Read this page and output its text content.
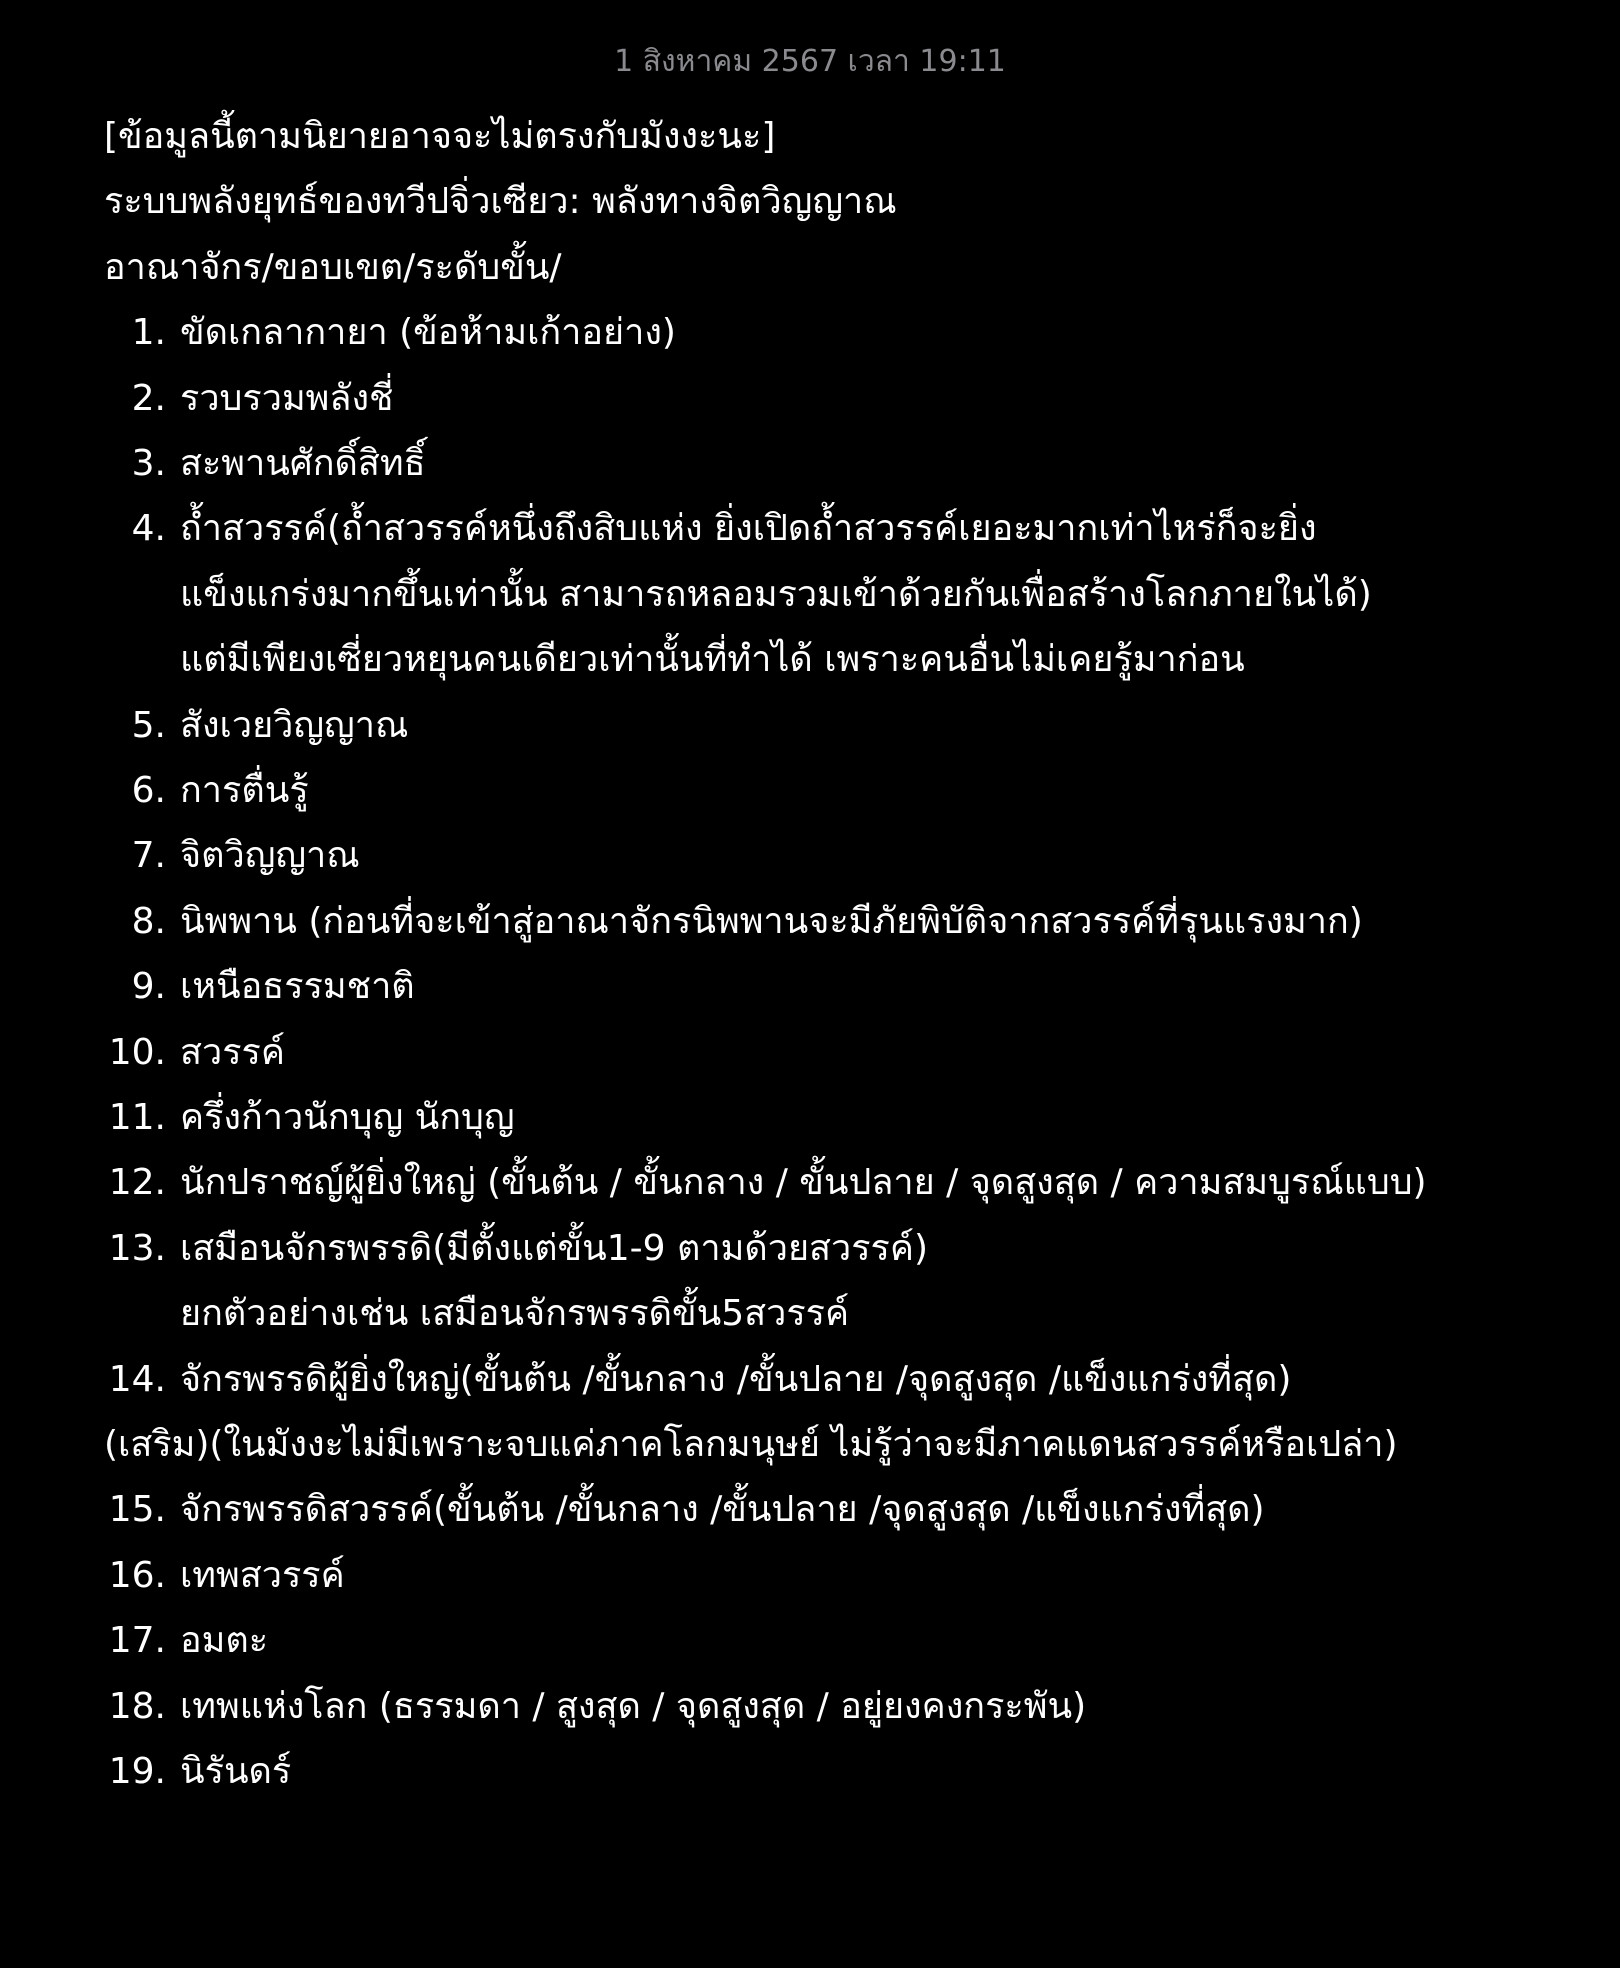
1 สิงหาคม 2567 เวลา 19:11
[ข้อมูลนี้ตามนิยายอาจจะไม่ตรงกับมังงะนะ]
ระบบพลังยุทธ์ของทวีปจิ่วเซียว: พลังทางจิตวิญญาณ
อาณาจักร/ขอบเขต/ระดับขั้น/
1. ขัดเกลากายา (ข้อห้ามเก้าอย่าง)
2. รวบรวมพลังชี่
3. สะพานศักดิ์สิทธิ์
4. ถ้ำสวรรค์(ถ้ำสวรรค์หนึ่งถึงสิบแห่ง ยิ่งเปิดถ้ำสวรรค์เยอะมากเท่าไหร่ก็จะยิ่ง
แข็งแกร่งมากขึ้นเท่านั้น สามารถหลอมรวมเข้าด้วยกันเพื่อสร้างโลกภายในได้)
แต่มีเพียงเซี่ยวหยุนคนเดียวเท่านั้นที่ทำได้ เพราะคนอื่นไม่เคยรู้มาก่อน
5. สังเวยวิญญาณ
6. การตื่นรู้
7. จิตวิญญาณ
8. นิพพาน (ก่อนที่จะเข้าสู่อาณาจักรนิพพานจะมีภัยพิบัติจากสวรรค์ที่รุนแรงมาก)
9. เหนือธรรมชาติ
10. สวรรค์
11. ครึ่งก้าวนักบุญ นักบุญ
12. นักปราชญ์ผู้ยิ่งใหญ่ (ขั้นต้น / ขั้นกลาง / ขั้นปลาย / จุดสูงสุด / ความสมบูรณ์แบบ)
13. เสมือนจักรพรรดิ(มีตั้งแต่ขั้น1-9 ตามด้วยสวรรค์)
ยกตัวอย่างเช่น เสมือนจักรพรรดิขั้น5สวรรค์
14. จักรพรรดิผู้ยิ่งใหญ่(ขั้นต้น /ขั้นกลาง /ขั้นปลาย /จุดสูงสุด /แข็งแกร่งที่สุด)
(เสริม)(ในมังงะไม่มีเพราะจบแค่ภาคโลกมนุษย์ ไม่รู้ว่าจะมีภาคแดนสวรรค์หรือเปล่า)
15. จักรพรรดิสวรรค์(ขั้นต้น /ขั้นกลาง /ขั้นปลาย /จุดสูงสุด /แข็งแกร่งที่สุด)
16. เทพสวรรค์
17. อมตะ
18. เทพแห่งโลก (ธรรมดา / สูงสุด / จุดสูงสุด / อยู่ยงคงกระพัน)
19. นิรันดร์
